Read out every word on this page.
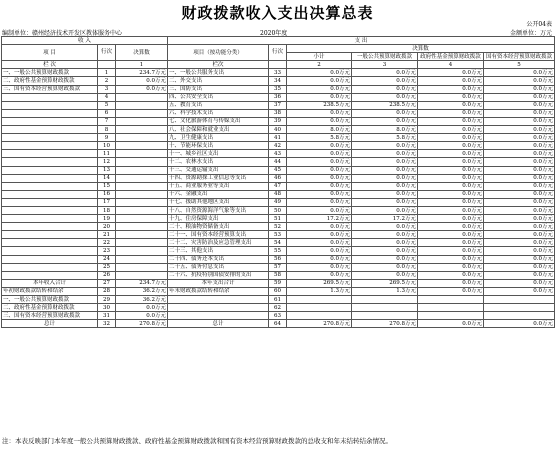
财政拨款收入支出决算总表
公开04表
编制单位：赣州经济技术开发区教体服务中心	2020年度	金额单位：万元
收 入			支 出					
项 目	行次	决算数	项目（按功能分类）	行次	决算数			
					小计	一般公共预算财政拨款	政府性基金预算财政拨款	国有资本经营预算财政拨款
栏 次		1	栏次		2	3	4	5
一、一般公共预算财政拨款	1	234.7万元	一、一般公共服务支出	33	0.0万元	0.0万元	0.0万元	0.0万元
二、政府性基金预算财政拨款	2	0.0万元	二、外交支出	34	0.0万元	0.0万元	0.0万元	0.0万元
三、国有资本经营预算财政拨款	3	0.0万元	三、国防支出	35	0.0万元	0.0万元	0.0万元	0.0万元
	4		四、公共安全支出	36	0.0万元	0.0万元	0.0万元	0.0万元
	5		五、教育支出	37	238.5万元	238.5万元	0.0万元	0.0万元
	6		六、科学技术支出	38	0.0万元	0.0万元	0.0万元	0.0万元
	7		七、文化旅游体育与传媒支出	39	0.0万元	0.0万元	0.0万元	0.0万元
	8		八、社会保障和就业支出	40	8.0万元	8.0万元	0.0万元	0.0万元
	9		九、卫生健康支出	41	5.8万元	5.8万元	0.0万元	0.0万元
	10		十、节能环保支出	42	0.0万元	0.0万元	0.0万元	0.0万元
	11		十一、城乡社区支出	43	0.0万元	0.0万元	0.0万元	0.0万元
	12		十二、农林水支出	44	0.0万元	0.0万元	0.0万元	0.0万元
	13		十三、交通运输支出	45	0.0万元	0.0万元	0.0万元	0.0万元
	14		十四、资源勘探工业信息等支出	46	0.0万元	0.0万元	0.0万元	0.0万元
	15		十五、商业服务业等支出	47	0.0万元	0.0万元	0.0万元	0.0万元
	16		十六、金融支出	48	0.0万元	0.0万元	0.0万元	0.0万元
	17		十七、援助其他地区支出	49	0.0万元	0.0万元	0.0万元	0.0万元
	18		十八、自然资源海洋气象等支出	50	0.0万元	0.0万元	0.0万元	0.0万元
	19		十九、住房保障支出	51	17.2万元	17.2万元	0.0万元	0.0万元
	20		二十、粮油物资储备支出	52	0.0万元	0.0万元	0.0万元	0.0万元
	21		二十一、国有资本经营预算支出	53	0.0万元	0.0万元	0.0万元	0.0万元
	22		二十二、灾害防治及应急管理支出	54	0.0万元	0.0万元	0.0万元	0.0万元
	23		二十三、其他支出	55	0.0万元	0.0万元	0.0万元	0.0万元
	24		二十四、债务还本支出	56	0.0万元	0.0万元	0.0万元	0.0万元
	25		二十五、债务付息支出	57	0.0万元	0.0万元	0.0万元	0.0万元
	26		二十六、抗疫特别国债安排的支出	58	0.0万元	0.0万元	0.0万元	0.0万元
本年收入合计	27	234.7万元	本年支出合计	59	269.5万元	269.5万元	0.0万元	0.0万元
年初财政拨款结转和结余	28	36.2万元	年末财政拨款结转和结余	60	1.3万元	1.3万元	0.0万元	0.0万元
一、一般公共预算财政拨款	29	36.2万元		61				
二、政府性基金预算财政拨款	30	0.0万元		62				
三、国有资本经营预算财政拨款	31	0.0万元		63				
总计	32	270.8万元	总计	64	270.8万元	270.8万元	0.0万元	0.0万元
注：本表反映部门本年度一般公共预算财政拨款、政府性基金预算财政拨款和国有资本经营预算财政拨款的总收支和年末结转结余情况。
